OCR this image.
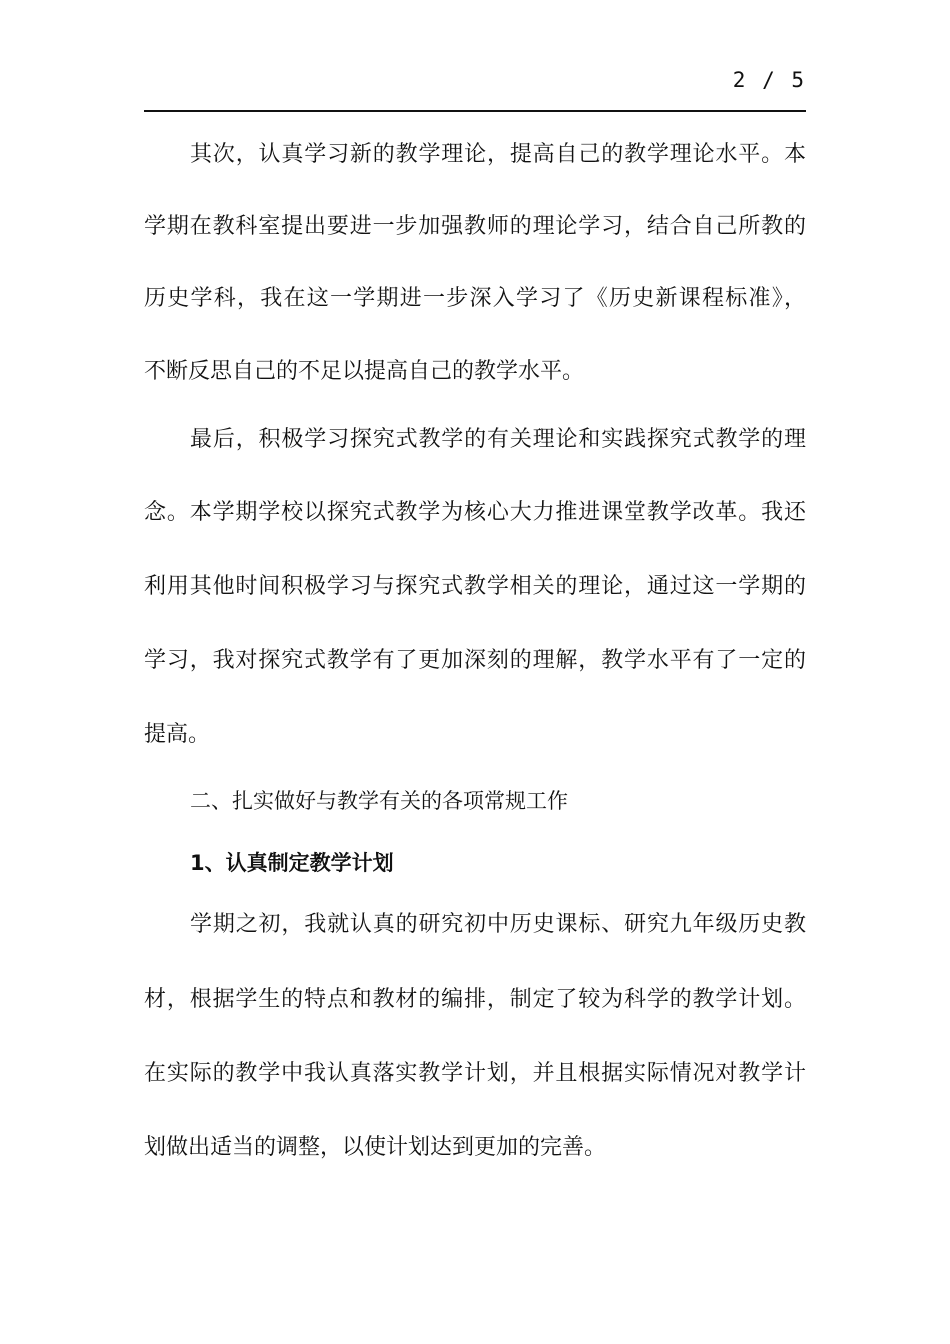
2 / 5
其次，认真学习新的教学理论，提高自己的教学理论水平。本
学期在教科室提出要进一步加强教师的理论学习，结合自己所教的
历史学科，我在这一学期进一步深入学习了《历史新课程标准》，
不断反思自己的不足以提高自己的教学水平。
最后，积极学习探究式教学的有关理论和实践探究式教学的理
念。本学期学校以探究式教学为核心大力推进课堂教学改革。我还
利用其他时间积极学习与探究式教学相关的理论，通过这一学期的
学习，我对探究式教学有了更加深刻的理解，教学水平有了一定的
提高。
二、扎实做好与教学有关的各项常规工作
1、认真制定教学计划
学期之初，我就认真的研究初中历史课标、研究九年级历史教
材，根据学生的特点和教材的编排，制定了较为科学的教学计划。
在实际的教学中我认真落实教学计划，并且根据实际情况对教学计
划做出适当的调整，以使计划达到更加的完善。
